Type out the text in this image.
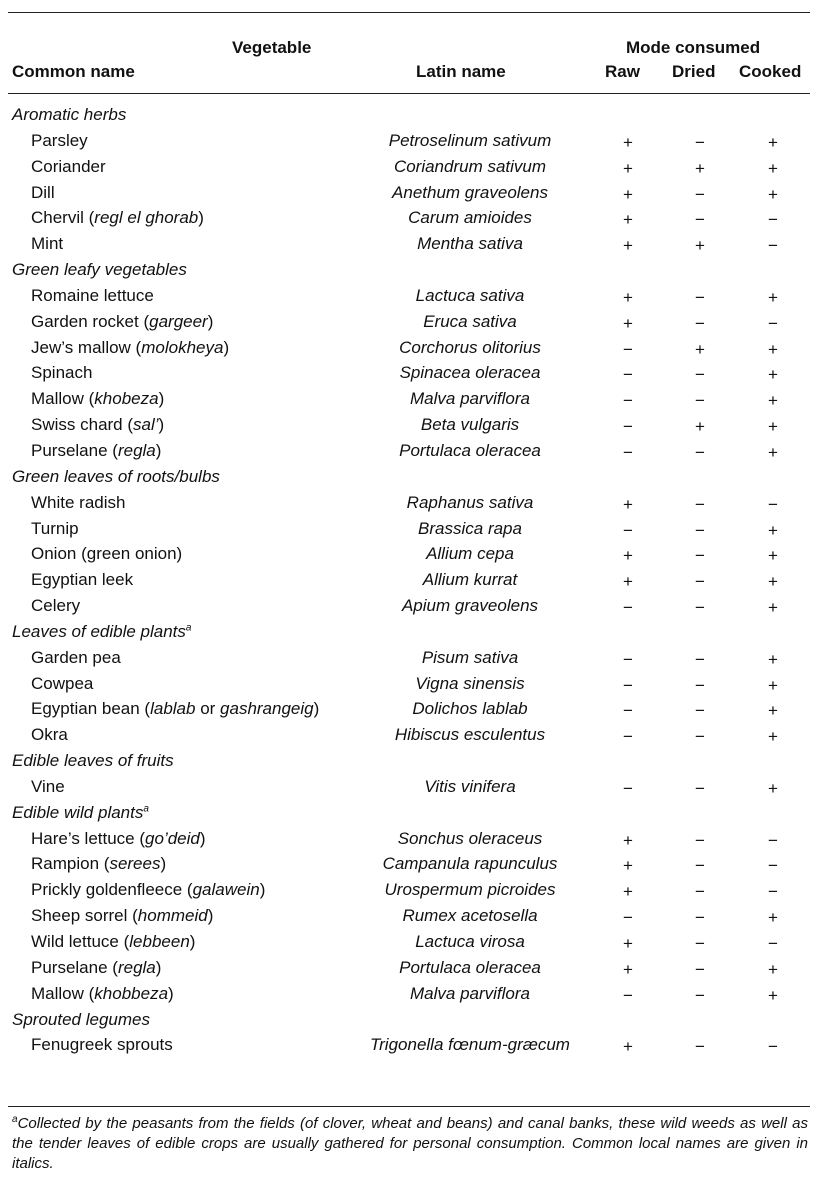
Vegetable	Mode consumed
Common name	Latin name	Raw Dried Cooked
Aromatic herbs
Parsley	Petroselinum sativum	+	−	+
Coriander	Coriandrum sativum	+	+	+
Dill	Anethum graveolens	+	−	+
Chervil (regl el ghorab)	Carum amioides	+	−	−
Mint	Mentha sativa	+	+	−
Green leafy vegetables
Romaine lettuce	Lactuca sativa	+	−	+
Garden rocket (gargeer)	Eruca sativa	+	−	−
Jew’s mallow (molokheya)	Corchorus olitorius	−	+	+
Spinach	Spinacea oleracea	−	−	+
Mallow (khobeza)	Malva parviflora	−	−	+
Swiss chard (sal’)	Beta vulgaris	−	+	+
Purselane (regla)	Portulaca oleracea	−	−	+
Green leaves of roots/bulbs
White radish	Raphanus sativa	+	−	−
Turnip	Brassica rapa	−	−	+
Onion (green onion)	Allium cepa	+	−	+
Egyptian leek	Allium kurrat	+	−	+
Celery	Apium graveolens	−	−	+
Leaves of edible plants$^a$
Garden pea	Pisum sativa	−	−	+
Cowpea	Vigna sinensis	−	−	+
Egyptian bean (lablab or gashrangeig)	Dolichos lablab	−	−	+
Okra	Hibiscus esculentus	−	−	+
Edible leaves of fruits
Vine	Vitis vinifera	−	−	+
Edible wild plants$^a$
Hare’s lettuce (go’deid)	Sonchus oleraceus	+	−	−
Rampion (serees)	Campanula rapunculus	+	−	−
Prickly goldenfleece (galawein)	Urospermum picroides	+	−	−
Sheep sorrel (hommeid)	Rumex acetosella	−	−	+
Wild lettuce (lebbeen)	Lactuca virosa	+	−	−
Purselane (regla)	Portulaca oleracea	+	−	+
Mallow (khobbeza)	Malva parviflora	−	−	+
Sprouted legumes
Fenugreek sprouts	Trigonella fœnum-græcum	+	−	−
$^a$Collected by the peasants from the fields (of clover, wheat and beans) and canal banks, these wild weeds as well as the tender leaves of edible crops are usually gathered for personal consumption. Common local names are given in italics.
